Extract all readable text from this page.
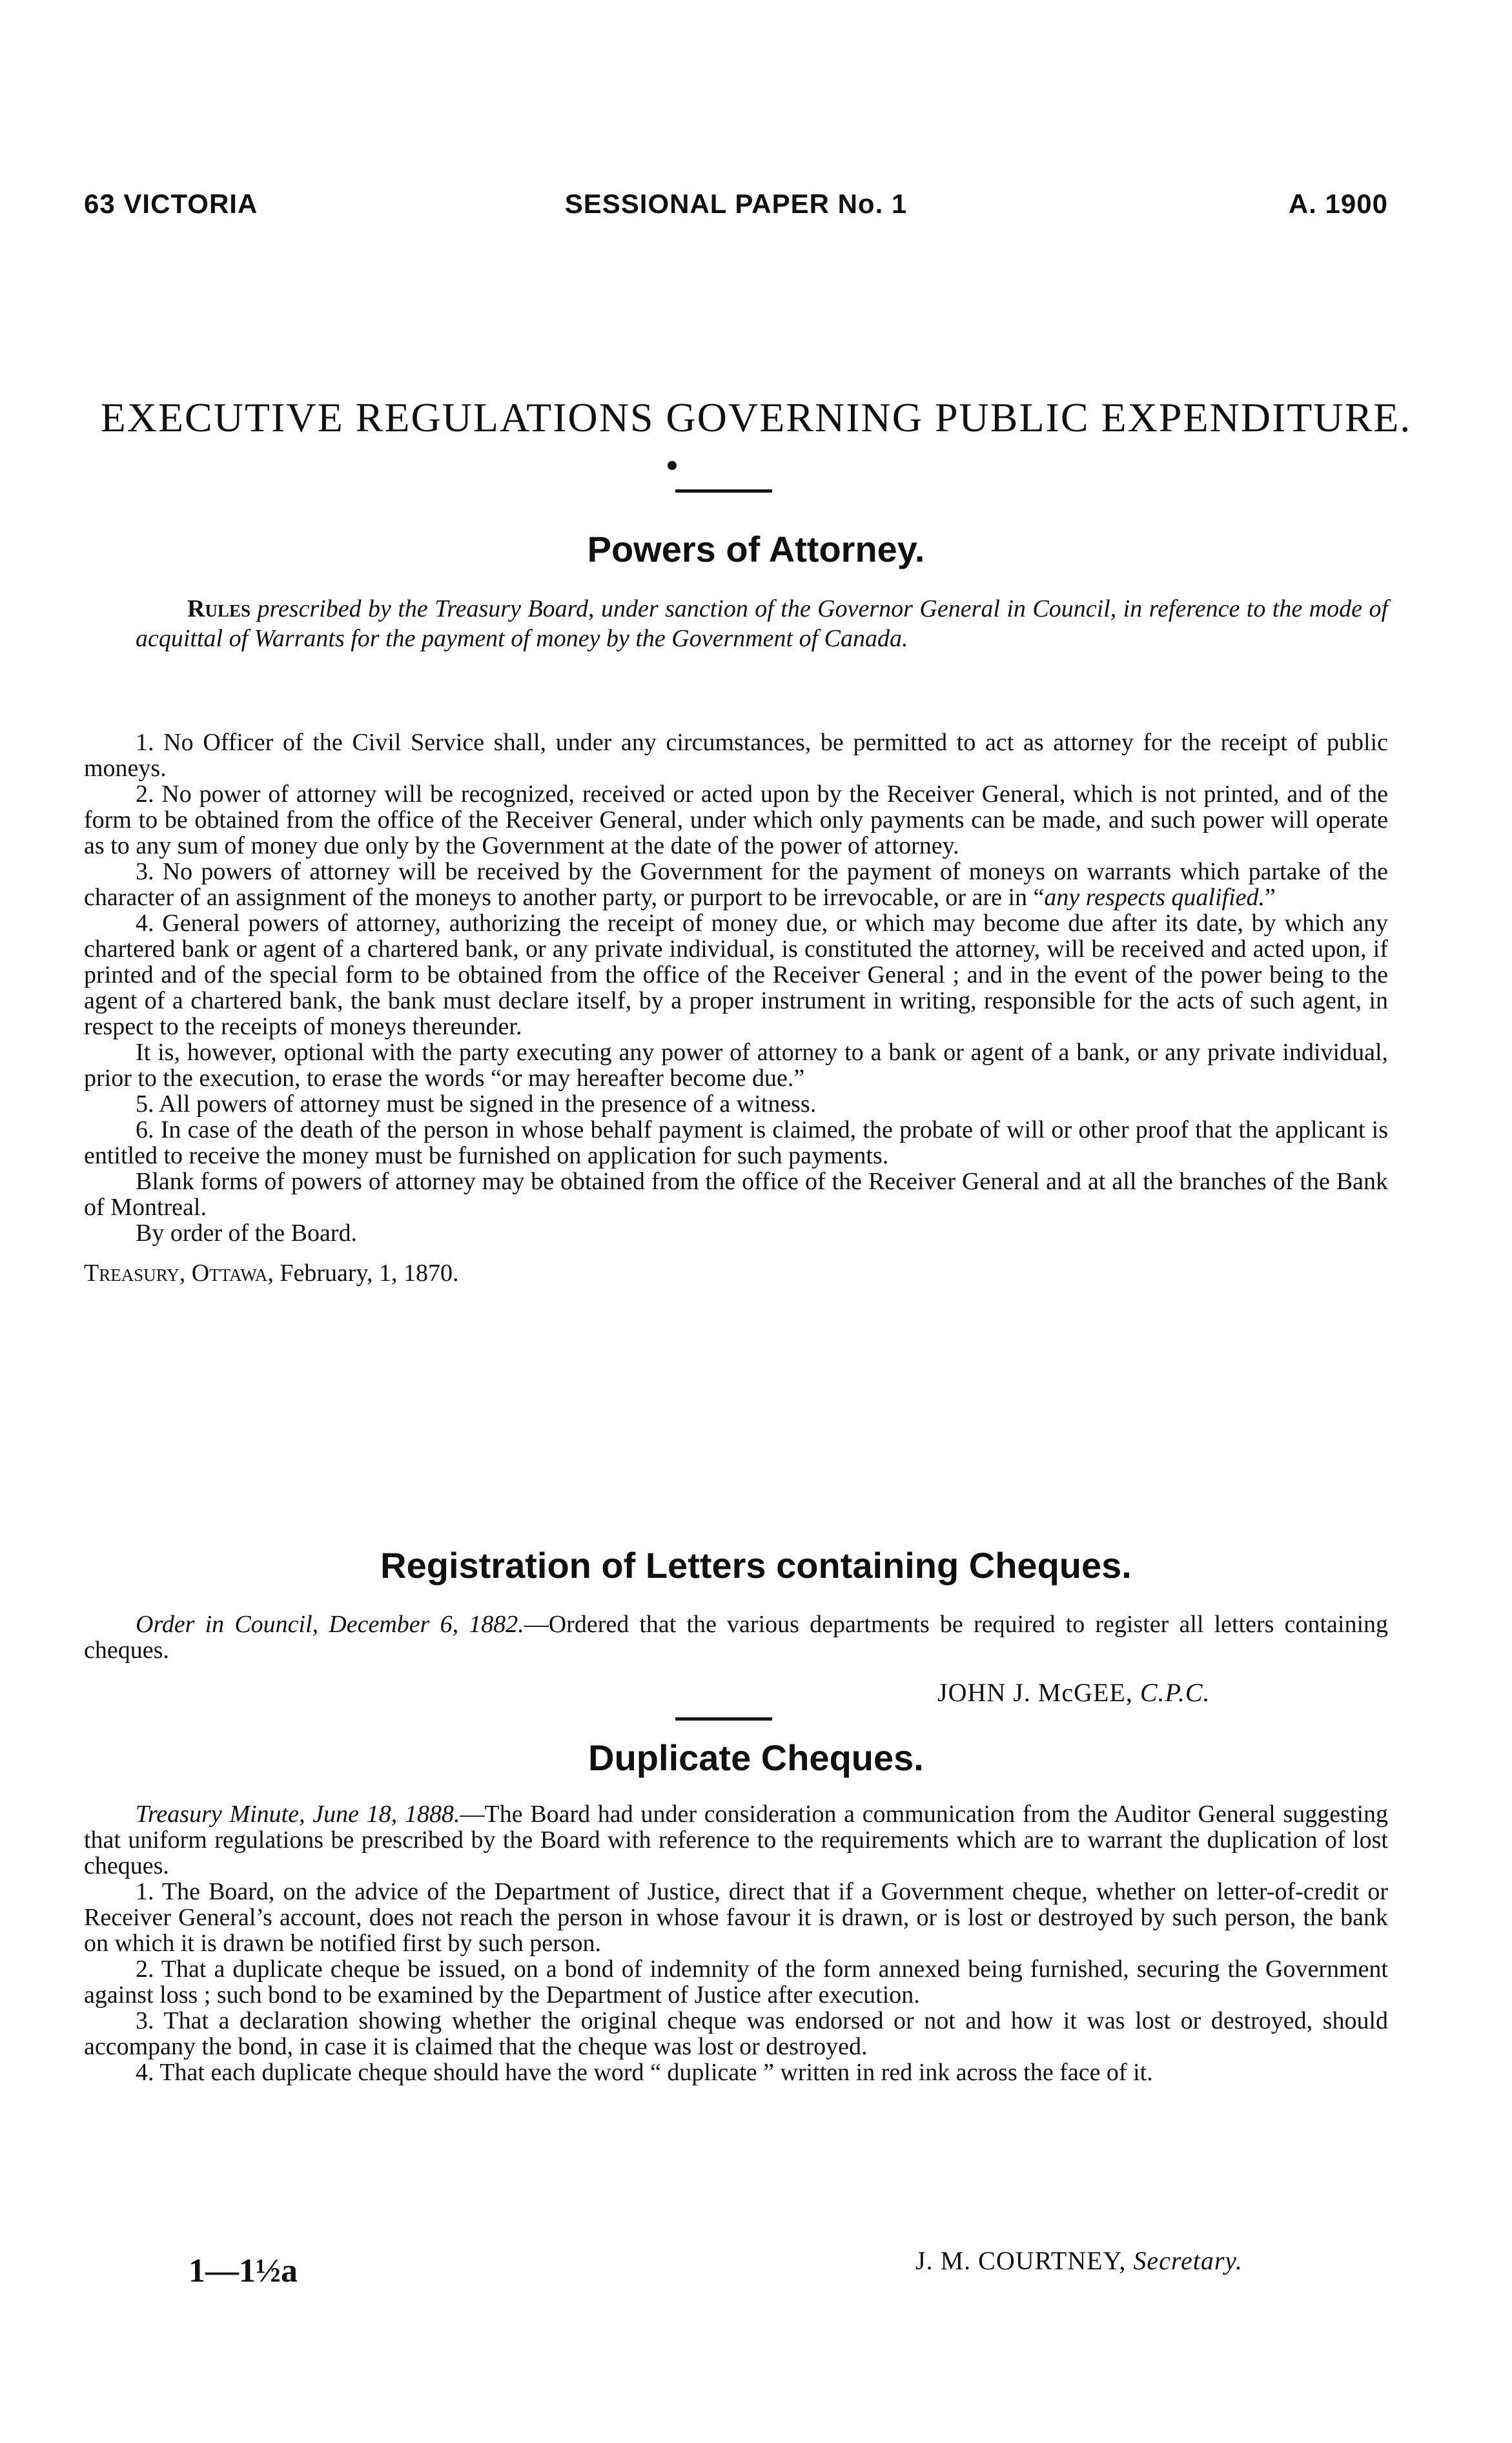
63 VICTORIA	SESSIONAL PAPER No. 1	A. 1900
EXECUTIVE REGULATIONS GOVERNING PUBLIC EXPENDITURE.
Powers of Attorney.

Rules prescribed by the Treasury Board, under sanction of the Governor General in Council, in reference to the mode of acquittal of Warrants for the payment of money by the Government of Canada.

1. No Officer of the Civil Service shall, under any circumstances, be permitted to act as attorney for the receipt of public moneys.

2. No power of attorney will be recognized, received or acted upon by the Receiver General, which is not printed, and of the form to be obtained from the office of the Receiver General, under which only payments can be made, and such power will operate as to any sum of money due only by the Government at the date of the power of attorney.

3. No powers of attorney will be received by the Government for the payment of moneys on warrants which partake of the character of an assignment of the moneys to another party, or purport to be irrevocable, or are in “any respects qualified.”

4. General powers of attorney, authorizing the receipt of money due, or which may become due after its date, by which any chartered bank or agent of a chartered bank, or any private individual, is constituted the attorney, will be received and acted upon, if printed and of the special form to be obtained from the office of the Receiver General ; and in the event of the power being to the agent of a chartered bank, the bank must declare itself, by a proper instrument in writing, responsible for the acts of such agent, in respect to the receipts of moneys thereunder.

It is, however, optional with the party executing any power of attorney to a bank or agent of a bank, or any private individual, prior to the execution, to erase the words “or may hereafter become due.”

5. All powers of attorney must be signed in the presence of a witness.

6. In case of the death of the person in whose behalf payment is claimed, the probate of will or other proof that the applicant is entitled to receive the money must be furnished on application for such payments.

Blank forms of powers of attorney may be obtained from the office of the Receiver General and at all the branches of the Bank of Montreal.

By order of the Board.

Treasury, Ottawa, February, 1, 1870.

Registration of Letters containing Cheques.

Order in Council, December 6, 1882.—Ordered that the various departments be required to register all letters containing cheques.

JOHN J. McGEE, C.P.C.
Duplicate Cheques.

Treasury Minute, June 18, 1888.—The Board had under consideration a communication from the Auditor General suggesting that uniform regulations be prescribed by the Board with reference to the requirements which are to warrant the duplication of lost cheques.

1. The Board, on the advice of the Department of Justice, direct that if a Government cheque, whether on letter-of-credit or Receiver General’s account, does not reach the person in whose favour it is drawn, or is lost or destroyed by such person, the bank on which it is drawn be notified first by such person.

2. That a duplicate cheque be issued, on a bond of indemnity of the form annexed being furnished, securing the Government against loss ; such bond to be examined by the Department of Justice after execution.

3. That a declaration showing whether the original cheque was endorsed or not and how it was lost or destroyed, should accompany the bond, in case it is claimed that the cheque was lost or destroyed.

4. That each duplicate cheque should have the word “ duplicate ” written in red ink across the face of it.

J. M. COURTNEY, Secretary.
1—1½a
